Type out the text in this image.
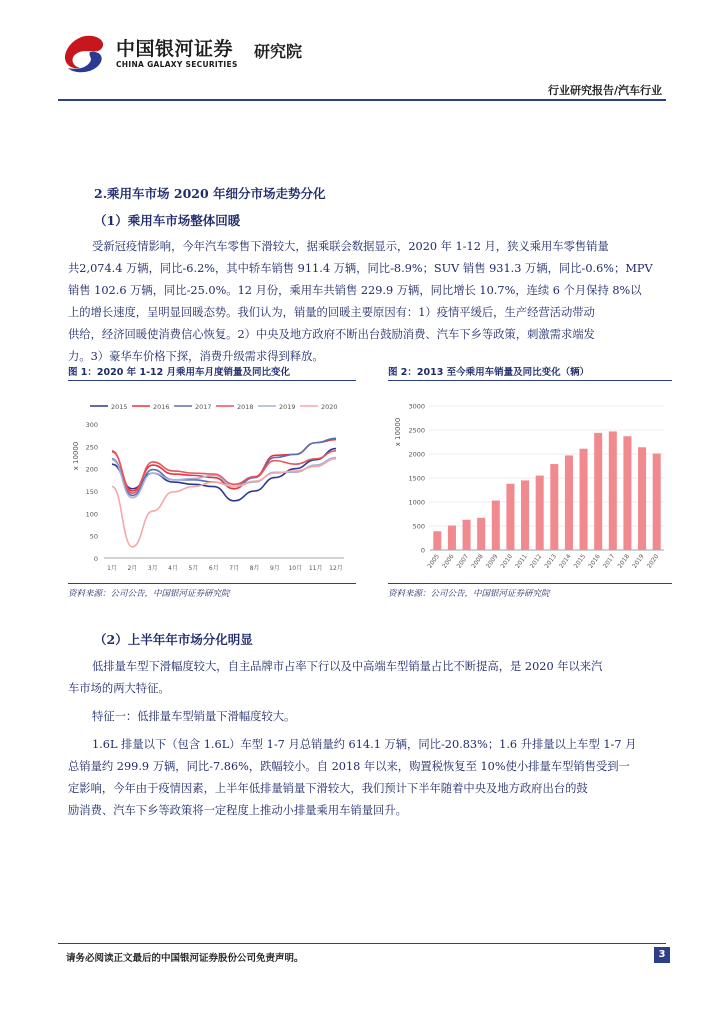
中国银河证券
CHINA GALAXY SECURITIES
研究院
行业研究报告/汽车行业
2.乘用车市场 2020 年细分市场走势分化
（1）乘用车市场整体回暖
受新冠疫情影响，今年汽车零售下滑较大，据乘联会数据显示，2020 年 1-12 月，狭义乘用车零售销量
共2,074.4 万辆，同比-6.2%，其中轿车销售 911.4 万辆，同比-8.9%；SUV 销售 931.3 万辆，同比-0.6%；MPV
销售 102.6 万辆，同比-25.0%。12 月份，乘用车共销售 229.9 万辆，同比增长 10.7%，连续 6 个月保持 8%以
上的增长速度，呈明显回暖态势。我们认为，销量的回暖主要原因有：1）疫情平缓后，生产经营活动带动
供给，经济回暖使消费信心恢复。2）中央及地方政府不断出台鼓励消费、汽车下乡等政策，刺激需求端发
力。3）豪华车价格下探，消费升级需求得到释放。
图 1：2020 年 1-12 月乘用车月度销量及同比变化	图 2：2013 至今乘用车销量及同比变化（辆）
2015	2016	2017	2018	2019	2020
x 10000
0
50
100
150
200
250
300
1月 2月 3月 4月 5月 6月 7月 8月 9月 10月 11月 12月
x 10000
0
500
1000
1500
2000
2500
3000
2005 2006 2007 2008 2009 2010 2011 2012 2013 2014 2015 2016 2017 2018 2019 2020
资料来源：公司公告，中国银河证券研究院	资料来源：公司公告，中国银河证券研究院
（2）上半年年市场分化明显
低排量车型下滑幅度较大，自主品牌市占率下行以及中高端车型销量占比不断提高，是 2020 年以来汽
车市场的两大特征。
特征一：低排量车型销量下滑幅度较大。
1.6L 排量以下（包含 1.6L）车型 1-7 月总销量约 614.1 万辆，同比-20.83%；1.6 升排量以上车型 1-7 月
总销量约 299.9 万辆，同比-7.86%，跌幅较小。自 2018 年以来，购置税恢复至 10%使小排量车型销售受到一
定影响，今年由于疫情因素，上半年低排量销量下滑较大，我们预计下半年随着中央及地方政府出台的鼓
励消费、汽车下乡等政策将一定程度上推动小排量乘用车销量回升。
请务必阅读正文最后的中国银河证券股份公司免责声明。	3
